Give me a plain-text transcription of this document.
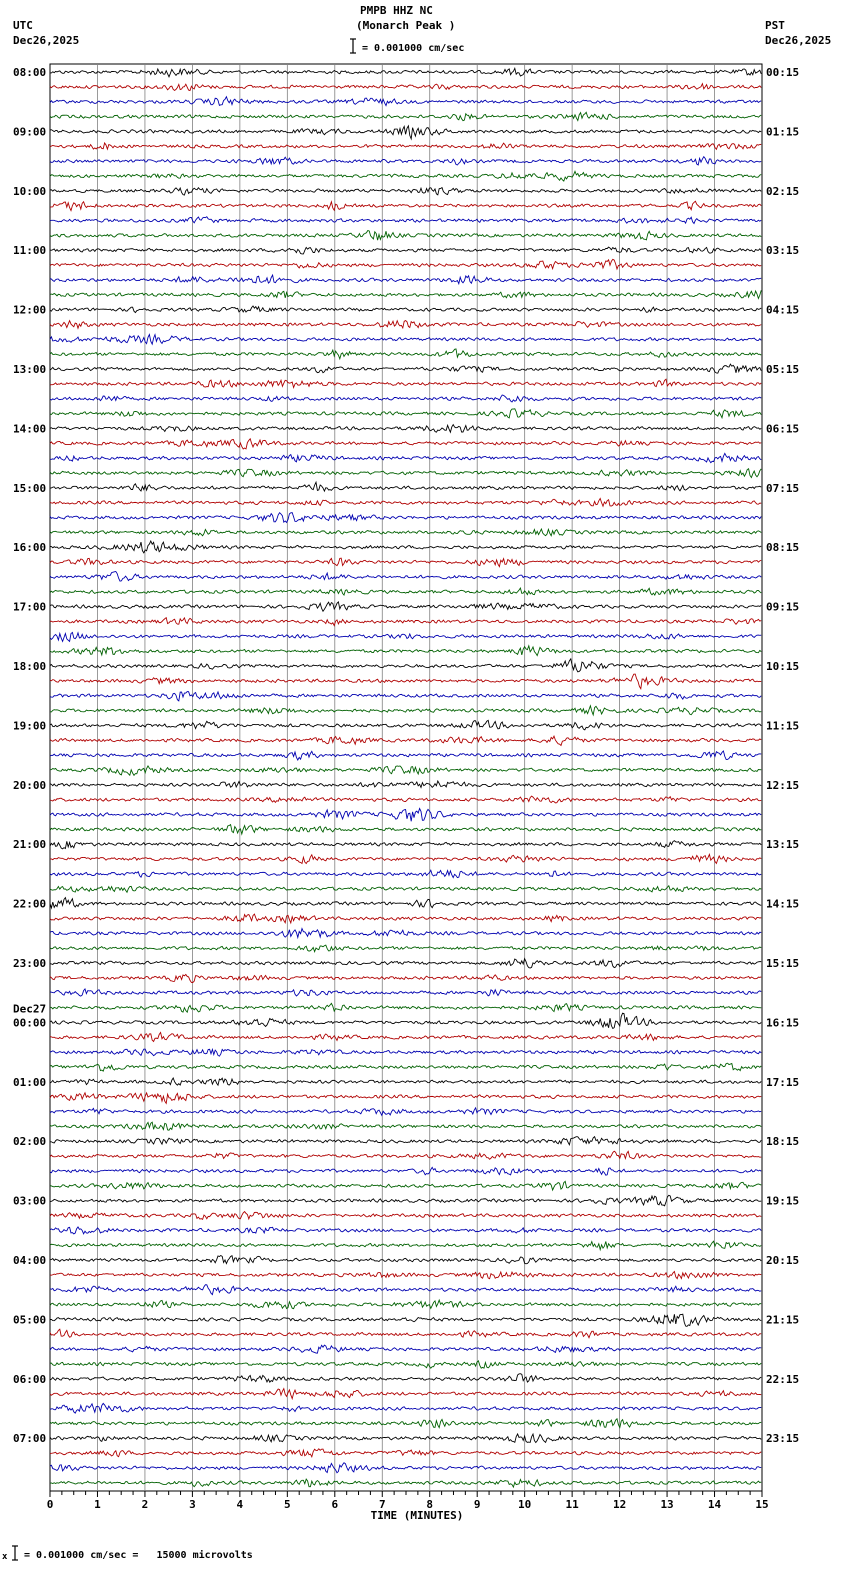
PMPB HHZ NC
(Monarch Peak )
UTC
Dec26,2025
PST
Dec26,2025
= 0.001000 cm/sec
0	1	2	3	4	5	6	7	8	9	10	11	12	13	14	15
08:00
09:00
10:00
11:00
12:00
13:00
14:00
15:00
16:00
17:00
18:00
19:00
20:00
21:00
22:00
23:00
00:00
01:00
02:00
03:00
04:00
05:00
06:00
07:00
00:15
01:15
02:15
03:15
04:15
05:15
06:15
07:15
08:15
09:15
10:15
11:15
12:15
13:15
14:15
15:15
16:15
17:15
18:15
19:15
20:15
21:15
22:15
23:15
Dec27
TIME (MINUTES)
x = 0.001000 cm/sec =   15000 microvolts
